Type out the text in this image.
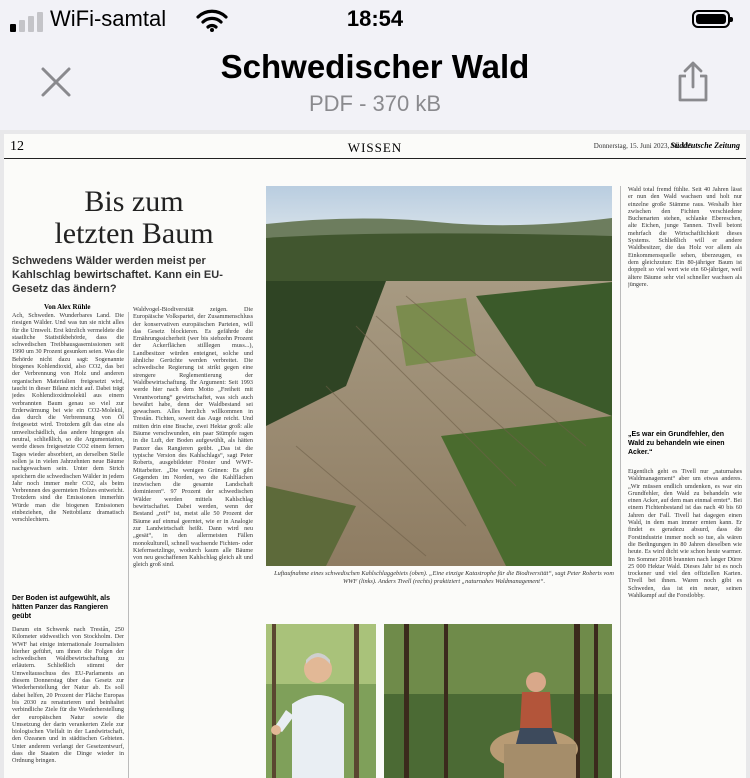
WiFi-samtal	18:54
Schwedischer Wald
PDF - 370 kB
12	WISSEN	Donnerstag, 15. Juni 2023, Nr. 135
Süddeutsche Zeitung
Bis zum
letzten Baum
Schwedens Wälder werden meist per Kahlschlag bewirtschaftet. Kann ein EU-Gesetz das ändern?
Von Alex Rühle
Ach, Schweden. Wunderbares Land. Die riesigen Wälder. Und was tun sie nicht alles für die Umwelt. Erst kürzlich vermeldete die staatliche Statistikbehörde, dass die schwedischen Treibhausgasemissionen seit 1990 um 30 Prozent gesunken seien. Was die Behörde nicht dazu sagt: Sogenannte biogenes Kohlendioxid, also CO2, das bei der Verbrennung von Holz und anderen organischen Materialien freigesetzt wird, taucht in dieser Bilanz nicht auf. Dabei trägt jedes Kohlendioxidmolekül aus einem verbrannten Baum genau so viel zur Erderwärmung bei wie ein CO2-Molekül, das durch die Verbrennung von Öl freigesetzt wird. Trotzdem gilt das eine als umweltschädlich, das andere hingegen als neutral, schließlich, so die Argumentation, werde dieses freigesetzte CO2 einem fernen Tages wieder absorbiert, an derselben Stelle sollen ja in vielen Jahrzehnten neue Bäume nachgewachsen sein. Unter dem Strich speichern die schwedischen Wälder in jedem Jahr noch immer mehr CO2, als beim Verbrennen des geernteten Holzes entweicht. Trotzdem sind die Emissionen immerhin Würde man die biogenen Emissionen einbeziehen, die Nettobilanz dramatisch verschlechtern.
Der Boden ist aufgewühlt, als hätten Panzer das Rangieren geübt
Darum ein Schwenk nach Trestån, 250 Kilometer südwestlich von Stockholm. Der WWF hat einige internationale Journalisten hierher geführt, um ihnen die Folgen der schwedischen Waldbewirtschaftung zu erläutern. Schließlich stimmt der Umweltausschuss des EU-Parlaments an diesem Donnerstag über das Gesetz zur Wiederherstellung der Natur ab. Es soll dabei helfen, 20 Prozent der Fläche Europas bis 2030 zu renaturieren und beinhaltet verbindliche Ziele für die Wiederherstellung der europäischen Natur sowie die Umsetzung der darin verankerten Ziele zur biologischen Vielfalt in der Landwirtschaft, den Ozeanen und in städtischen Gebieten. Unter anderem verlangt der Gesetzentwurf, dass die Staaten die Dinge wieder in Ordnung bringen.
Waldvogel-Biodiversität zeigen. Die Europäische Volkspartei, der Zusammenschluss der konservativen europäischen Parteien, will das Gesetz blockieren. Es gefährde die Ernährungssicherheit (wer bis siebzehn Prozent der Ackerflächen stilllegen muss...), Landbesitzer würden enteignet, solche und ähnliche Gerüchte werden verbreitet. Die schwedische Regierung ist strikt gegen eine strengere Reglementierung der Waldbewirtschaftung. Ihr Argument: Seit 1993 werde hier nach dem Motto „Freiheit mit Verantwortung“ gewirtschaftet, was sich auch bewährt habe, denn der Waldbestand sei gewachsen. Alles herzlich willkommen in Trestån. Fichten, soweit das Auge reicht. Und mitten drin eine Brache, zwei Hektar groß: alle Bäume verschwunden, ein paar Stümpfe ragen in die Luft, der Boden aufgewühlt, als hätten Panzer das Rangieren geübt. „Das ist die typische Version des Kahlschlags“, sagt Peter Roberts, ausgebildeter Förster und WWF-Mitarbeiter. „Die wenigen Grünen: Es gibt Gegenden im Norden, wo die Kahlflächen inzwischen die gesamte Landschaft dominieren“. 97 Prozent der schwedischen Wälder werden mittels Kahlschlag bewirtschaftet. Dabei werden, wenn der Bestand „reif“ ist, meist alle 50 Prozent der Bäume auf einmal geerntet, wie er in Analogie zur Landwirtschaft heißt. Dann wird neu „gesät“, in den allermeisten Fällen monokulturell, schnell wachsende Fichten- oder Kiefernsetzlinge, wodurch kaum alle Bäume von neu geschaffenen Kahlschlag gleich alt und gleich groß sind.
Luftaufnahme eines schwedischen Kahlschlaggebiets (oben). „Eine einzige Katastrophe für die Biodiversität“, sagt Peter Roberts vom WWF (links). Anders Tivell (rechts) praktiziert „naturnahes Waldmanagement“.
Wald total fremd fühlte. Seit 40 Jahren lässt er nun den Wald wachsen und holt nur einzelne große Stämme raus. Weshalb hier zwischen den Fichten verschiedene Buchenarten stehen, schlanke Ebereschen, alte Eichen, junge Tannen. Tivell betont mehrfach die Wirtschaftlichkeit dieses Systems. Schließlich will er andere Waldbesitzer, die das Holz vor allem als Einkommensquelle sehen, überzeugen, es dem gleichzutun: Ein 80-jähriger Baum ist doppelt so viel wert wie ein 60-jähriger, weil ältere Bäume sehr viel schneller wachsen als jüngere.
„Es war ein Grundfehler, den Wald zu behandeln wie einen Acker.“
Eigentlich geht es Tivell nur „naturnahes Waldmanagement“ aber um etwas anderes. „Wir müssen endlich umdenken, es war ein Grundfehler, den Wald zu behandeln wie einen Acker, auf dem man einmal erntet“. Bei einem Fichtenbestand ist das nach 40 bis 60 Jahren der Fall. Tivell hat dagegen einen Wald, in dem man immer ernten kann. Er findet es geradezu absurd, dass die Forstindustrie immer noch so tue, als wären die Bedingungen in 80 Jahren dieselben wie heute. Es wird dicht wie schon heute warmer. Im Sommer 2018 brannten nach langer Dürre 25 000 Hektar Wald. Dieses Jahr ist es noch trockener und viel den offiziellen Karten. Tivell bei ihnen. Waren noch gibt es Schweden, das ist ein neuer, seinen Wahlkampf auf die Forstlobby.
